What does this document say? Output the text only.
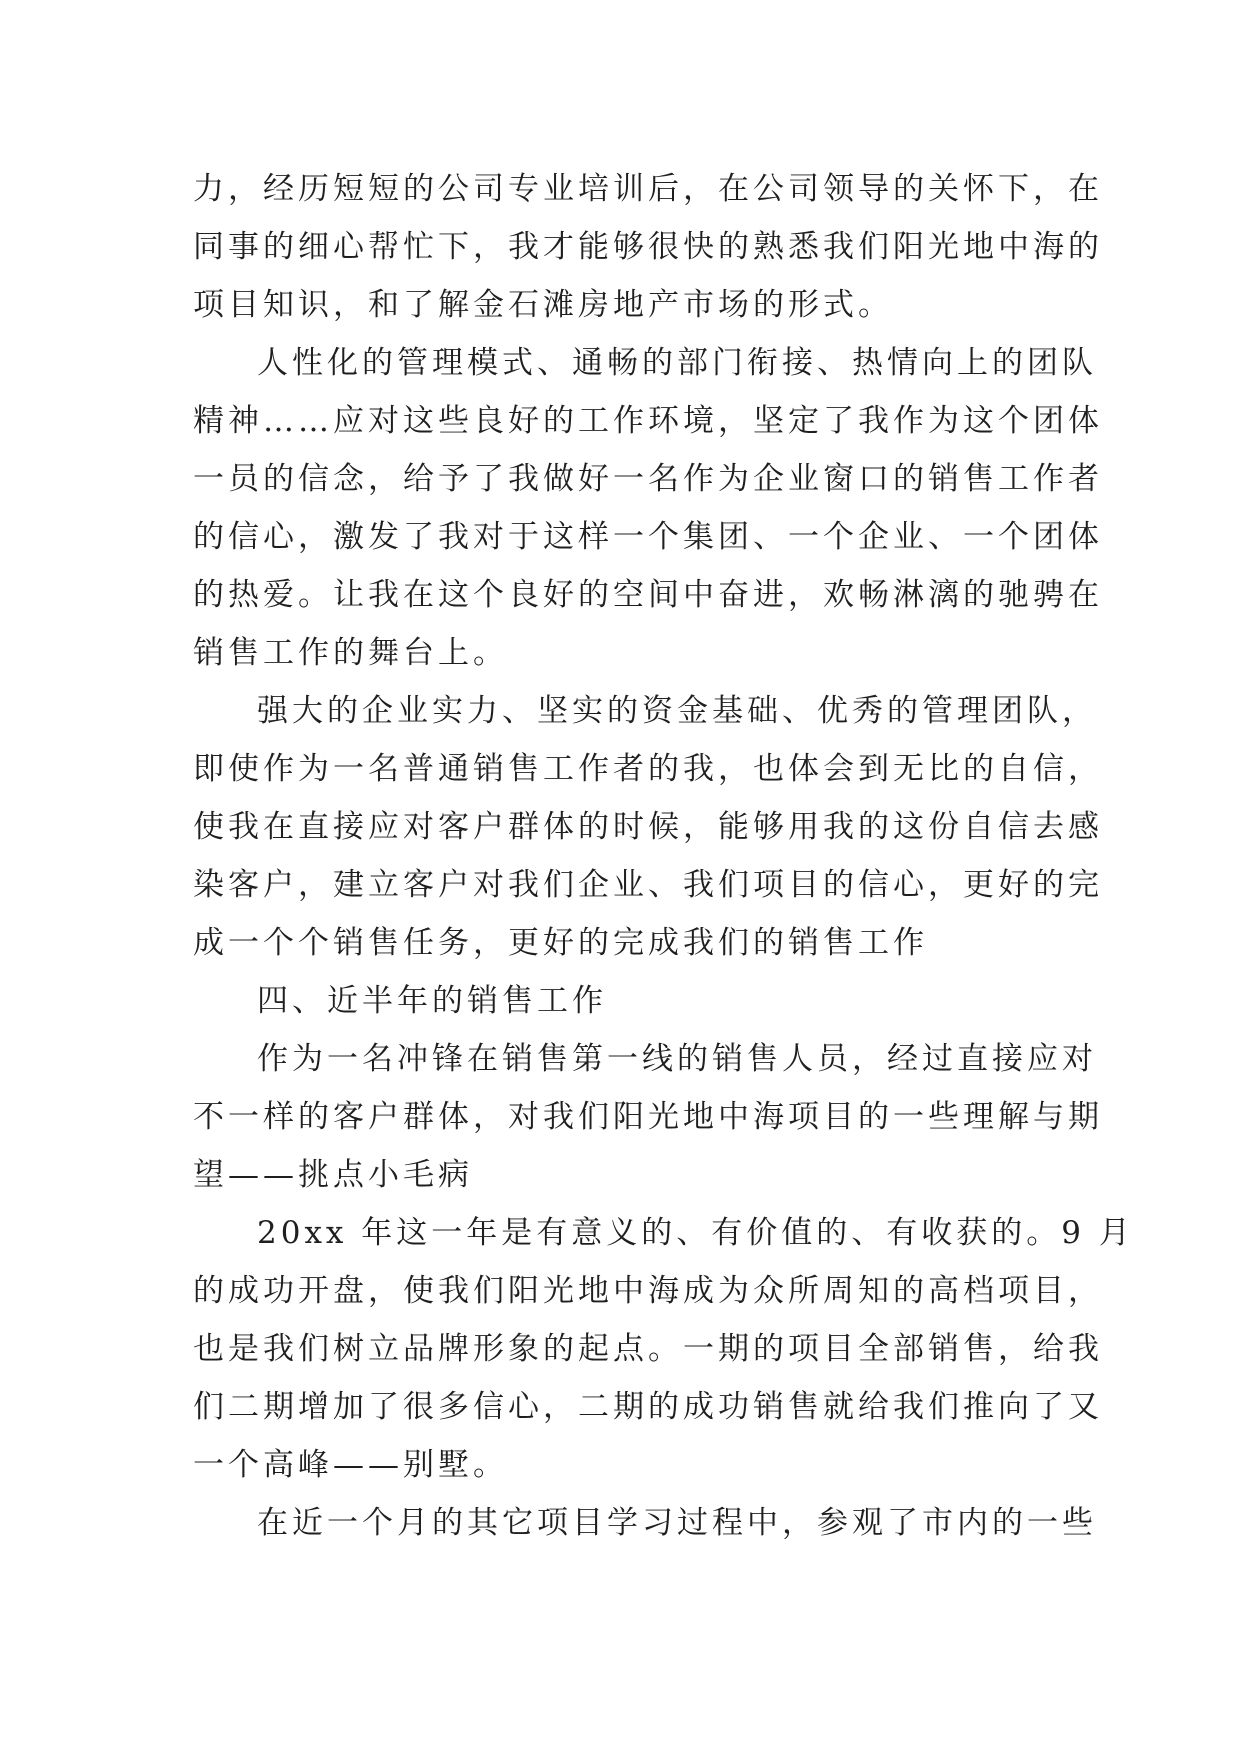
力，经历短短的公司专业培训后，在公司领导的关怀下，在
同事的细心帮忙下，我才能够很快的熟悉我们阳光地中海的
项目知识，和了解金石滩房地产市场的形式。
人性化的管理模式、通畅的部门衔接、热情向上的团队
精神……应对这些良好的工作环境，坚定了我作为这个团体
一员的信念，给予了我做好一名作为企业窗口的销售工作者
的信心，激发了我对于这样一个集团、一个企业、一个团体
的热爱。让我在这个良好的空间中奋进，欢畅淋漓的驰骋在
销售工作的舞台上。
强大的企业实力、坚实的资金基础、优秀的管理团队，
即使作为一名普通销售工作者的我，也体会到无比的自信，
使我在直接应对客户群体的时候，能够用我的这份自信去感
染客户，建立客户对我们企业、我们项目的信心，更好的完
成一个个销售任务，更好的完成我们的销售工作
四、近半年的销售工作
作为一名冲锋在销售第一线的销售人员，经过直接应对
不一样的客户群体，对我们阳光地中海项目的一些理解与期
望——挑点小毛病
20xx 年这一年是有意义的、有价值的、有收获的。9 月
的成功开盘，使我们阳光地中海成为众所周知的高档项目，
也是我们树立品牌形象的起点。一期的项目全部销售，给我
们二期增加了很多信心，二期的成功销售就给我们推向了又
一个高峰——别墅。
在近一个月的其它项目学习过程中，参观了市内的一些
